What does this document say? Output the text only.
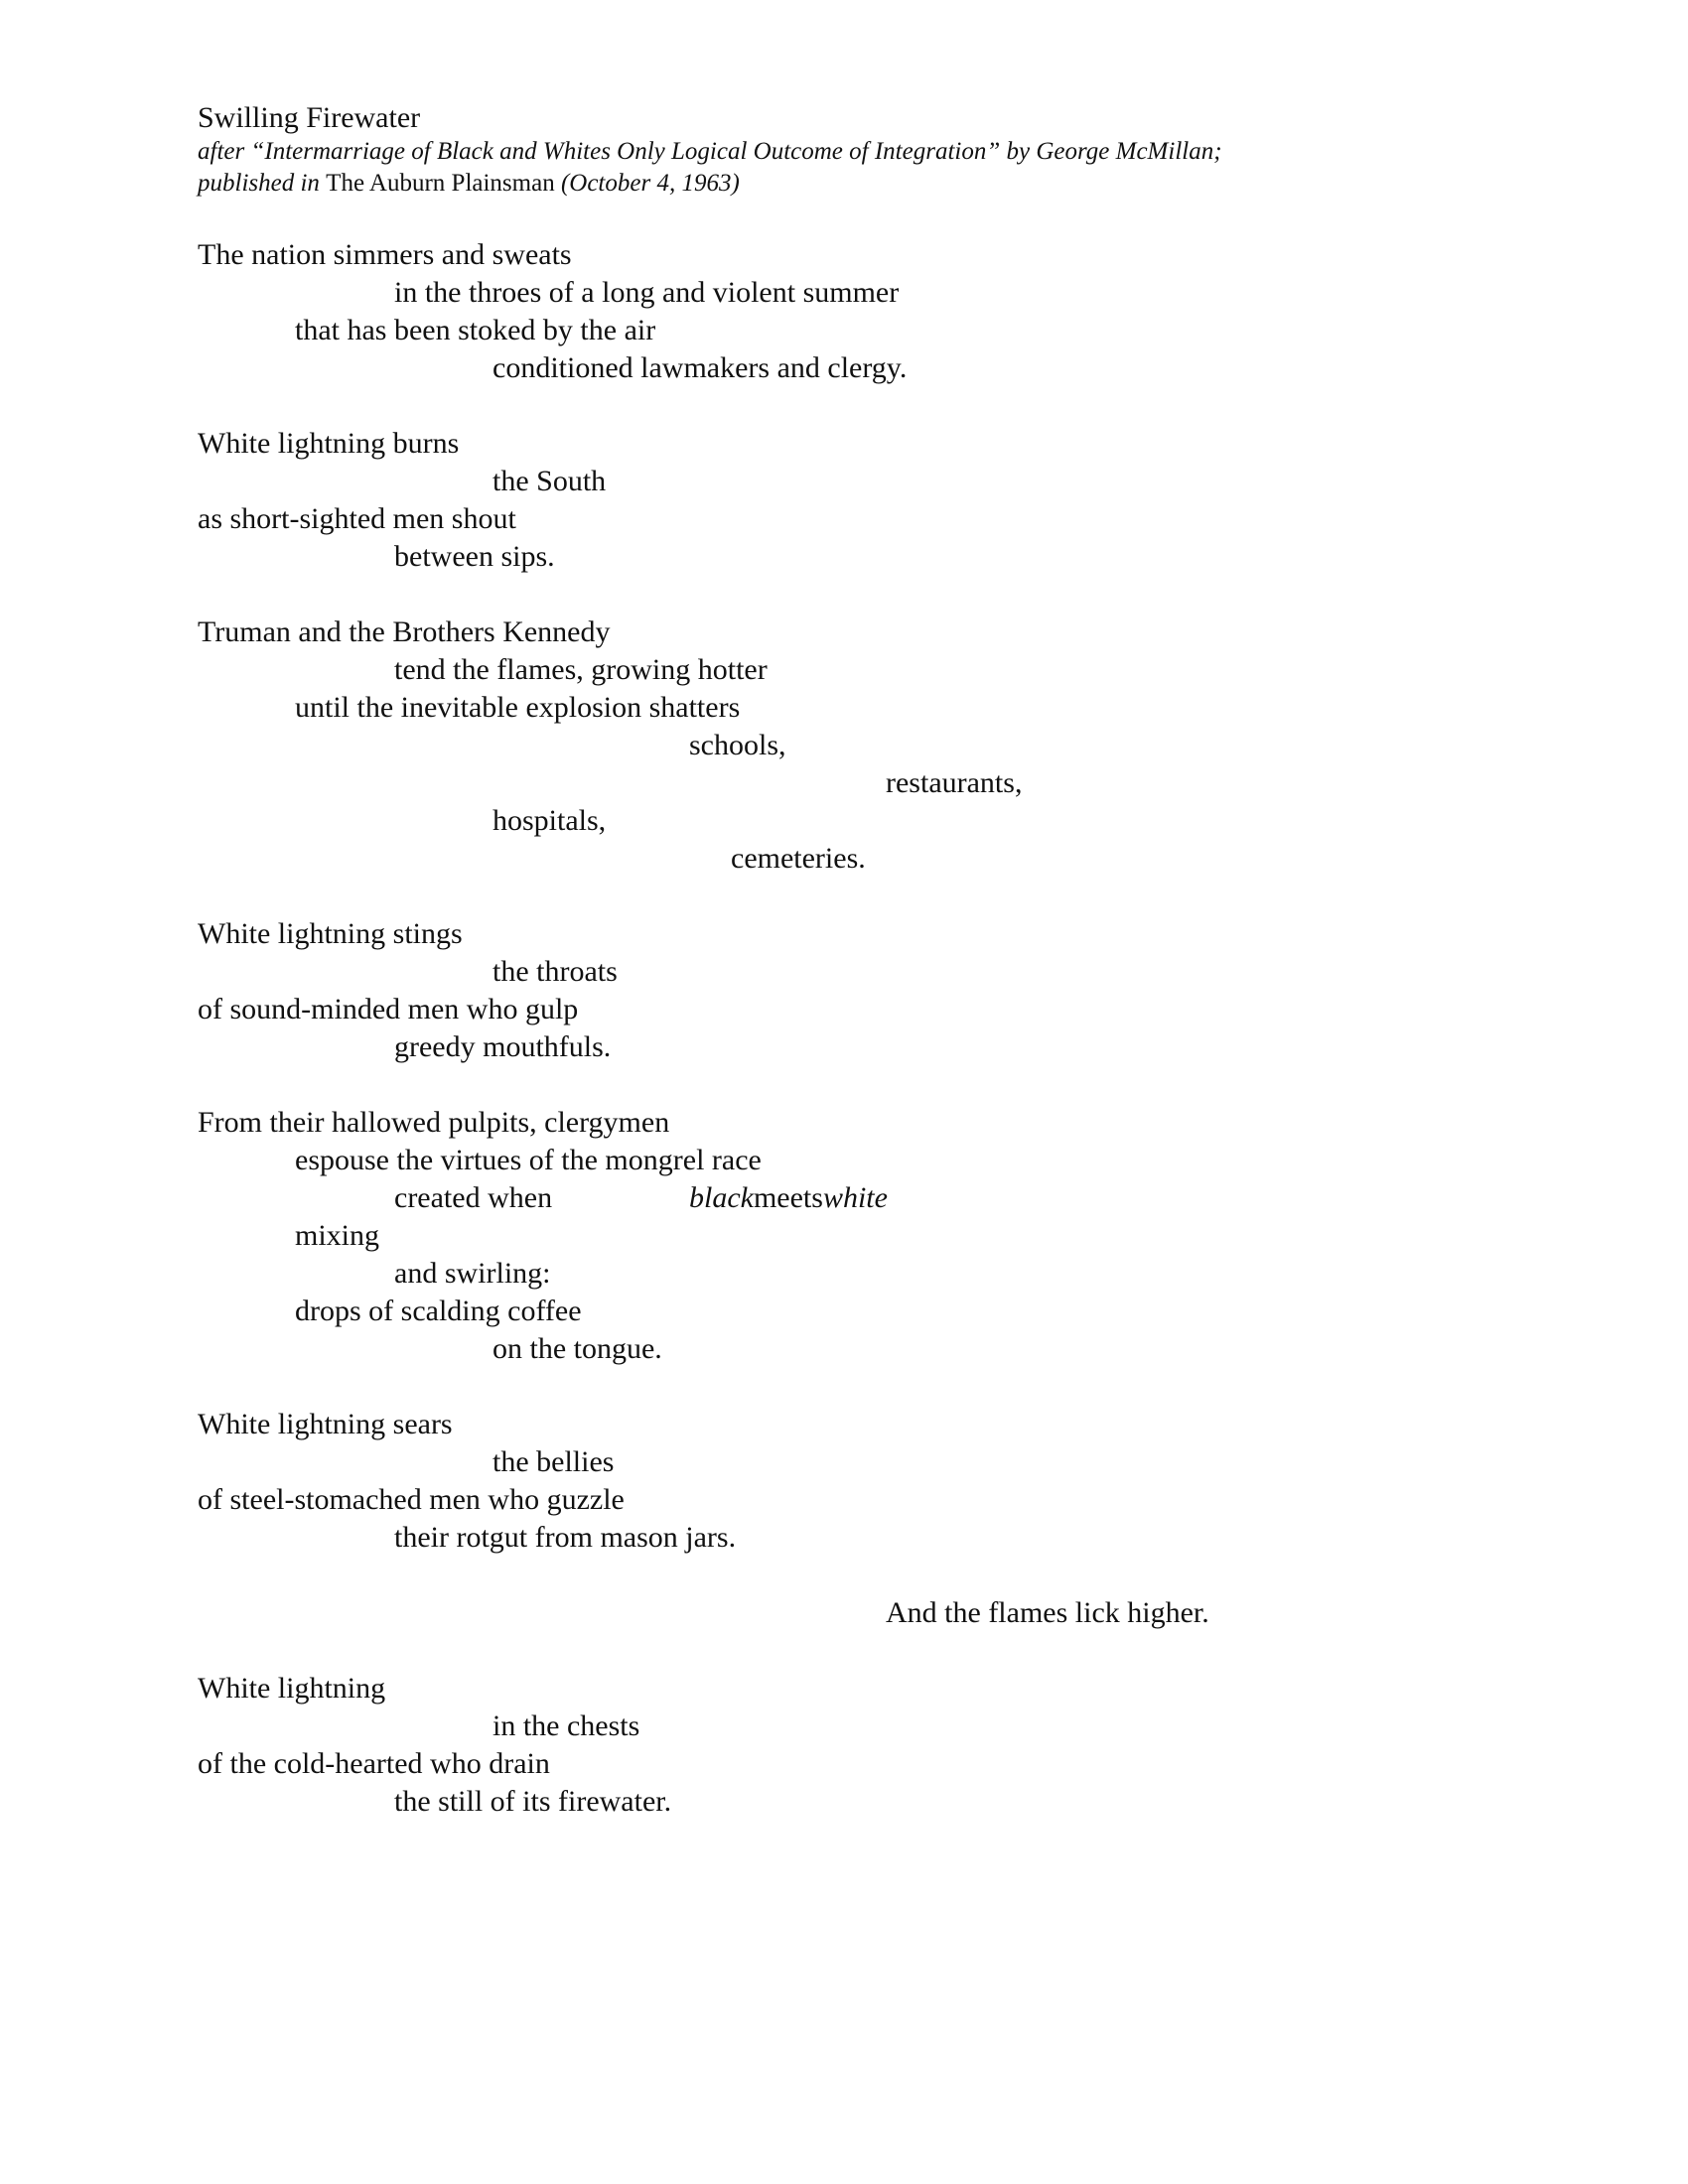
Swilling Firewater
after “Intermarriage of Black and Whites Only Logical Outcome of Integration” by George McMillan;
published in The Auburn Plainsman (October 4, 1963)
The nation simmers and sweats
in the throes of a long and violent summer
that has been stoked by the air
conditioned lawmakers and clergy.
White lightning burns
the South
as short-sighted men shout
between sips.
Truman and the Brothers Kennedy
tend the flames, growing hotter
until the inevitable explosion shatters
schools,
restaurants,
hospitals,
cemeteries.
White lightning stings
the throats
of sound-minded men who gulp
greedy mouthfuls.
From their hallowed pulpits, clergymen
espouse the virtues of the mongrel race
created when	blackmeetswhite
mixing
and swirling:
drops of scalding coffee
on the tongue.
White lightning sears
the bellies
of steel-stomached men who guzzle
their rotgut from mason jars.
And the flames lick higher.
White lightning
in the chests
of the cold-hearted who drain
the still of its firewater.
